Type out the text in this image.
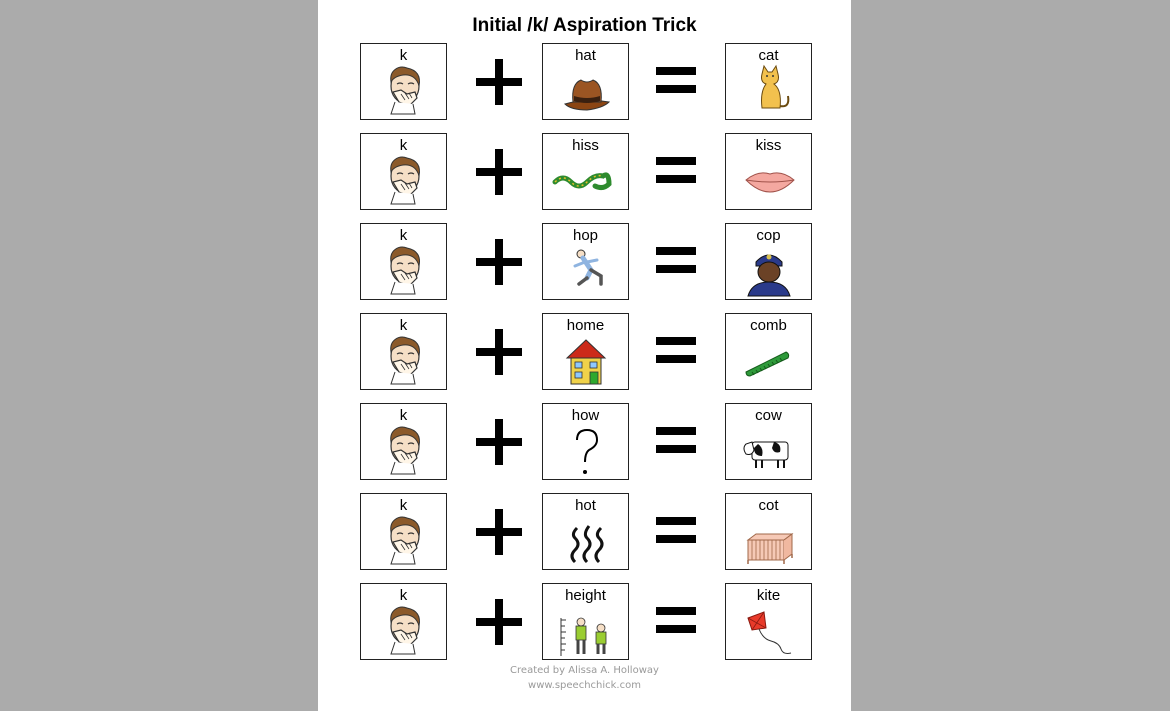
Initial /k/ Aspiration Trick
k	hat	cat
k	hiss	kiss
k	hop	cop
k	home	comb
k	how	cow
k	hot	cot
k	height	kite
Created by Alissa A. Holloway
www.speechchick.com
